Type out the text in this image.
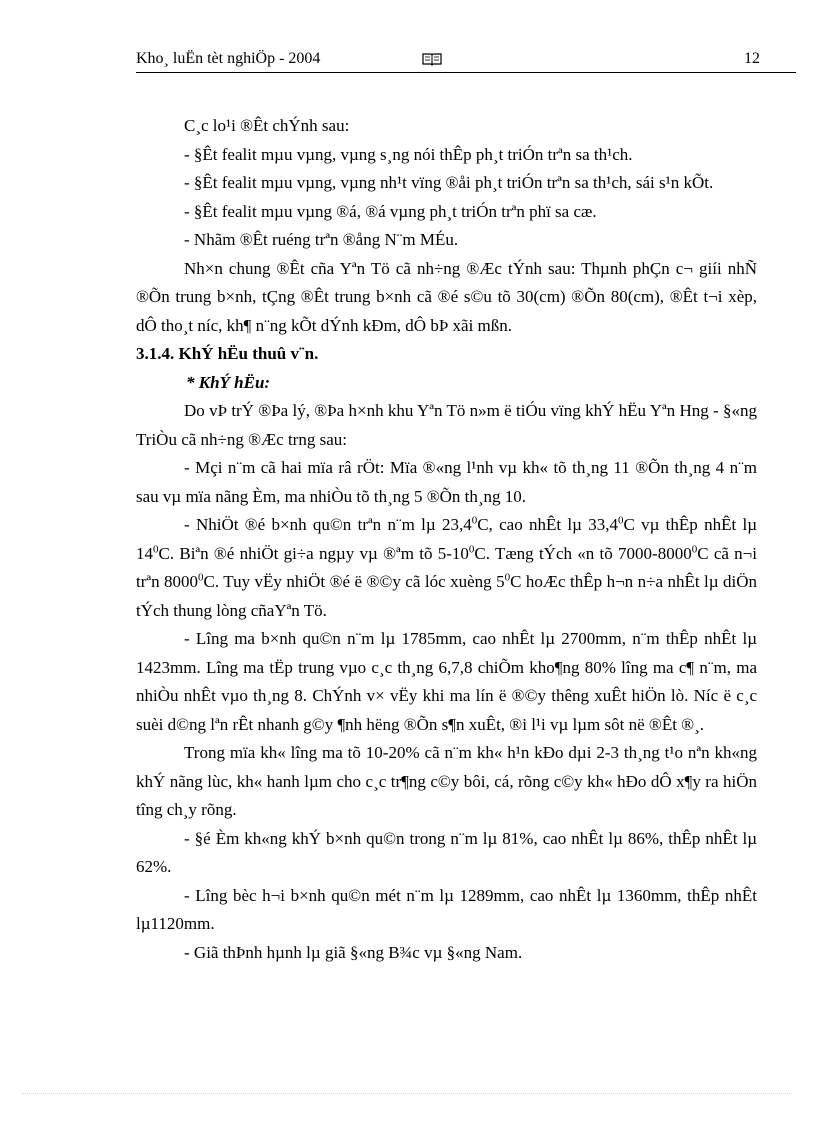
Kho¸ luËn tèt nghiÖp - 2004	12

C¸c lo¹i ®Êt chÝnh sau:

- §Êt fealit mµu vµng, vµng s¸ng nói thÊp ph¸t triÓn trªn sa th¹ch.

- §Êt fealit mµu vµng, vµng nh¹t vïng ®åi ph¸t triÓn trªn sa th¹ch, sái s¹n kÕt.

- §Êt fealit mµu vµng ®á, ®á vµng ph¸t triÓn trªn phï sa cæ.

- Nhãm ®Êt ruéng trªn ®ång N¨m MÉu.

Nh×n chung ®Êt cña Yªn Tö cã nh÷ng ®Æc tÝnh sau: Thµnh phÇn c¬ giíi nhÑ ®Õn trung b×nh, tÇng ®Êt trung b×nh cã ®é s©u tõ 30(cm) ®Õn 80(cm), ®Êt t¬i xèp, dÔ tho¸t níc, kh¶ n¨ng kÕt dÝnh kÐm, dÔ bÞ xãi mßn.

3.1.4. KhÝ hËu thuû v¨n.

* KhÝ hËu:

Do vÞ trÝ ®Þa lý, ®Þa h×nh khu Yªn Tö n»m ë tiÓu vïng khÝ hËu Yªn Hng - §«ng TriÒu cã nh÷ng ®Æc trng sau:

- Mçi n¨m cã hai mïa râ rÖt: Mïa ®«ng l¹nh vµ kh« tõ th¸ng 11 ®Õn th¸ng 4 n¨m sau vµ mïa nãng Èm, ma nhiÒu tõ th¸ng 5 ®Õn th¸ng 10.

- NhiÖt ®é b×nh qu©n trªn n¨m lµ 23,4$^0$C, cao nhÊt lµ 33,4$^0$C vµ thÊp nhÊt lµ $14^0C$. Biªn ®é nhiÖt gi÷a ngµy vµ ®ªm tõ $5-10^0C$. Tæng tÝch «n tõ 7000-8000$^0$C cã n¬i trªn 8000$^0$C. Tuy vËy nhiÖt ®é ë ®©y cã lóc xuèng $5^0C$ hoÆc thÊp h¬n n÷a nhÊt lµ diÖn tÝch thung lòng cñaYªn Tö.

- Lîng ma b×nh qu©n n¨m lµ 1785mm, cao nhÊt lµ 2700mm, n¨m thÊp nhÊt lµ 1423mm. Lîng ma tËp trung vµo c¸c th¸ng 6,7,8 chiÕm kho¶ng 80% lîng ma c¶ n¨m, ma nhiÒu nhÊt vµo th¸ng 8. ChÝnh v× vËy khi ma lín ë ®©y thêng xuÊt hiÖn lò. Níc ë c¸c suèi d©ng lªn rÊt nhanh g©y ¶nh hëng ®Õn s¶n xuÊt, ®i l¹i vµ lµm sôt në ®Êt ®¸.

Trong mïa kh« lîng ma tõ 10-20% cã n¨m kh« h¹n kÐo dµi 2-3 th¸ng t¹o nªn kh«ng khÝ nãng lùc, kh« hanh lµm cho c¸c tr¶ng c©y bôi, cá, rõng c©y kh« hÐo dÔ x¶y ra hiÖn tîng ch¸y rõng.

- §é Èm kh«ng khÝ b×nh qu©n trong n¨m lµ 81%, cao nhÊt lµ 86%, thÊp nhÊt lµ 62%.

- Lîng bèc h¬i b×nh qu©n mét n¨m lµ 1289mm, cao nhÊt lµ 1360mm, thÊp nhÊt lµ1120mm.

- Giã thÞnh hµnh lµ giã §«ng B¾c vµ §«ng Nam.
